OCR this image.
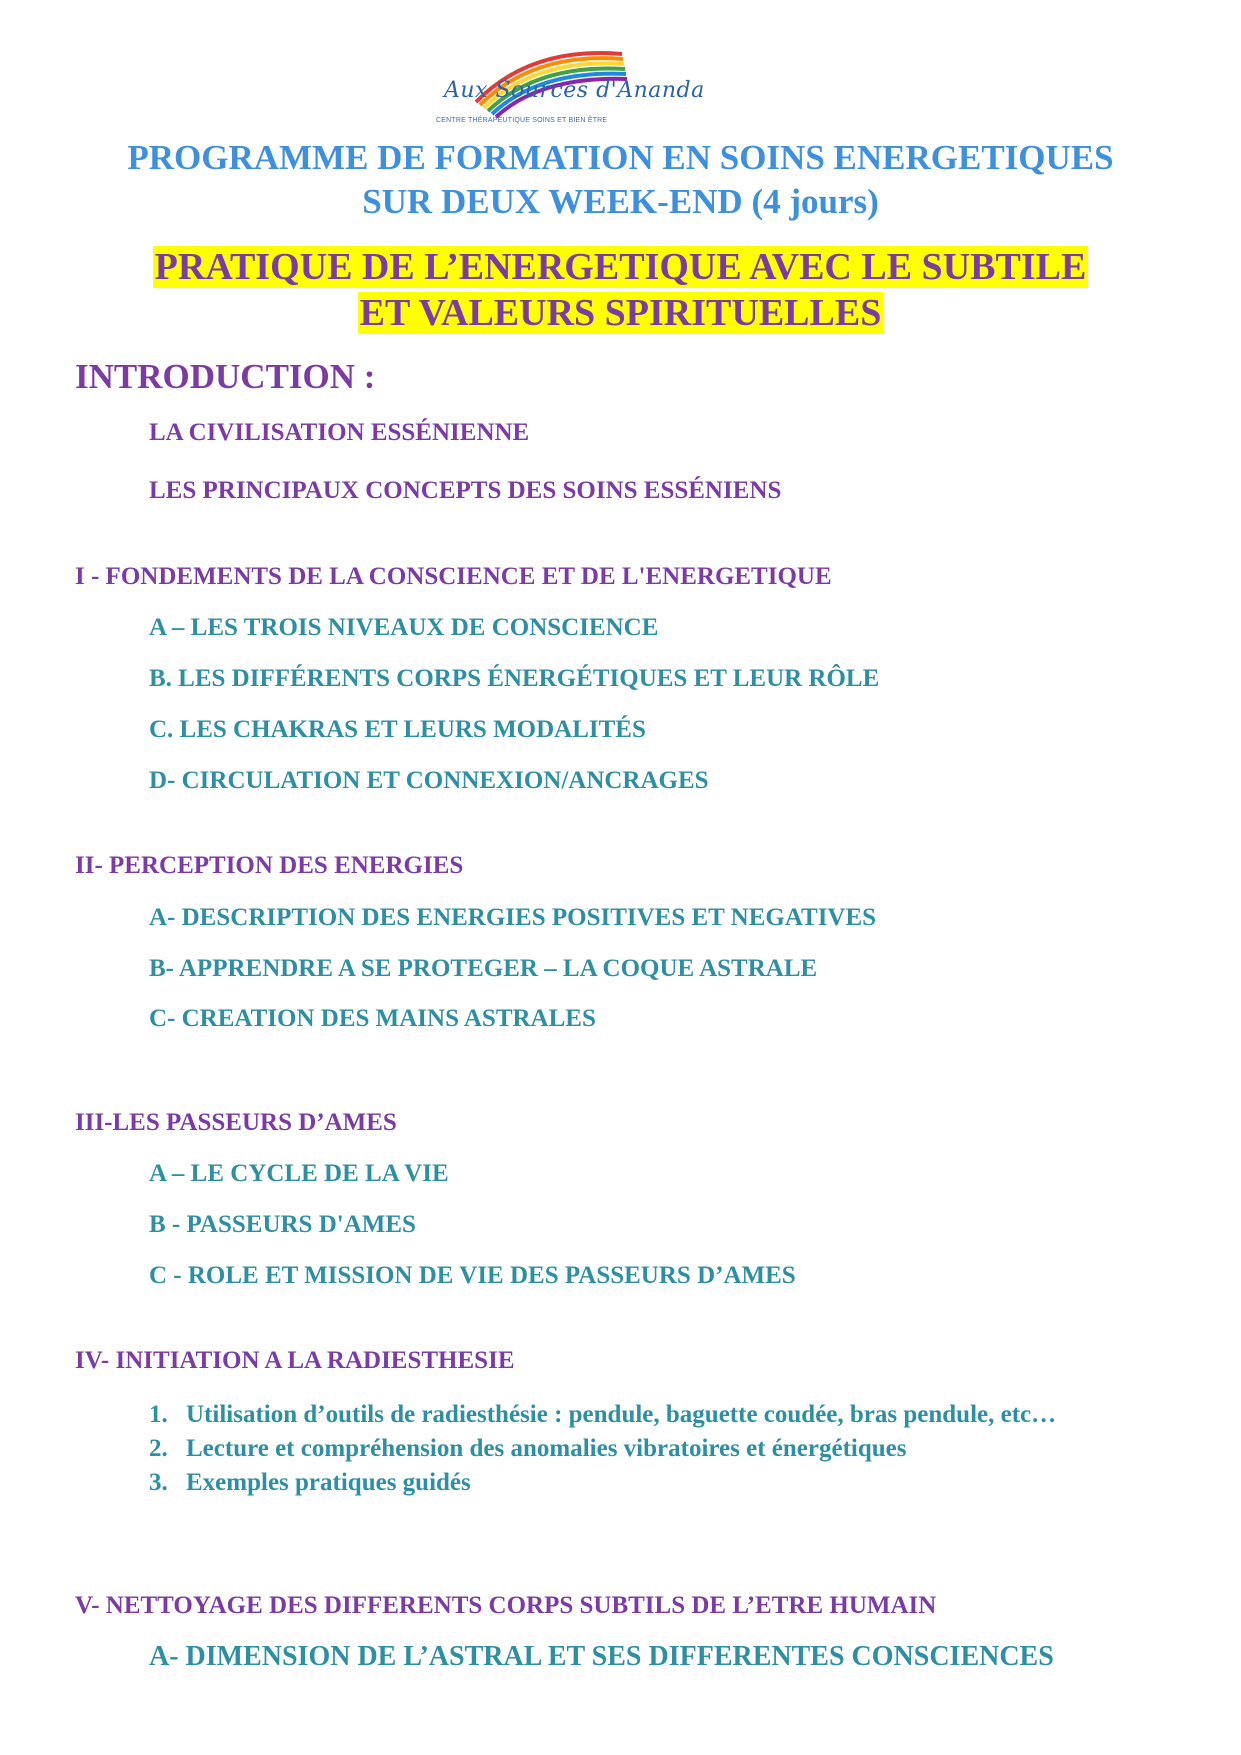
Aux Sources d'Ananda
CENTRE THÉRAPEUTIQUE SOINS ET BIEN ÊTRE
PROGRAMME DE FORMATION EN SOINS ENERGETIQUES
SUR DEUX WEEK-END (4 jours)
PRATIQUE DE L’ENERGETIQUE AVEC LE SUBTILE
ET VALEURS SPIRITUELLES
INTRODUCTION :
LA CIVILISATION ESSÉNIENNE
LES PRINCIPAUX CONCEPTS DES SOINS ESSÉNIENS
I - FONDEMENTS DE LA CONSCIENCE ET DE L'ENERGETIQUE
A – LES TROIS NIVEAUX DE CONSCIENCE
B. LES DIFFÉRENTS CORPS ÉNERGÉTIQUES ET LEUR RÔLE
C. LES CHAKRAS ET LEURS MODALITÉS
D- CIRCULATION ET CONNEXION/ANCRAGES
II- PERCEPTION DES ENERGIES
A- DESCRIPTION DES ENERGIES POSITIVES ET NEGATIVES
B- APPRENDRE A SE PROTEGER – LA COQUE ASTRALE
C- CREATION DES MAINS ASTRALES
III-LES PASSEURS D’AMES
A – LE CYCLE DE LA VIE
B - PASSEURS D'AMES
C - ROLE ET MISSION DE VIE DES PASSEURS D’AMES
IV- INITIATION A LA RADIESTHESIE
1. Utilisation d’outils de radiesthésie : pendule, baguette coudée, bras pendule, etc…
2. Lecture et compréhension des anomalies vibratoires et énergétiques
3. Exemples pratiques guidés
V- NETTOYAGE DES DIFFERENTS CORPS SUBTILS DE L’ETRE HUMAIN
A- DIMENSION DE L’ASTRAL ET SES DIFFERENTES CONSCIENCES
